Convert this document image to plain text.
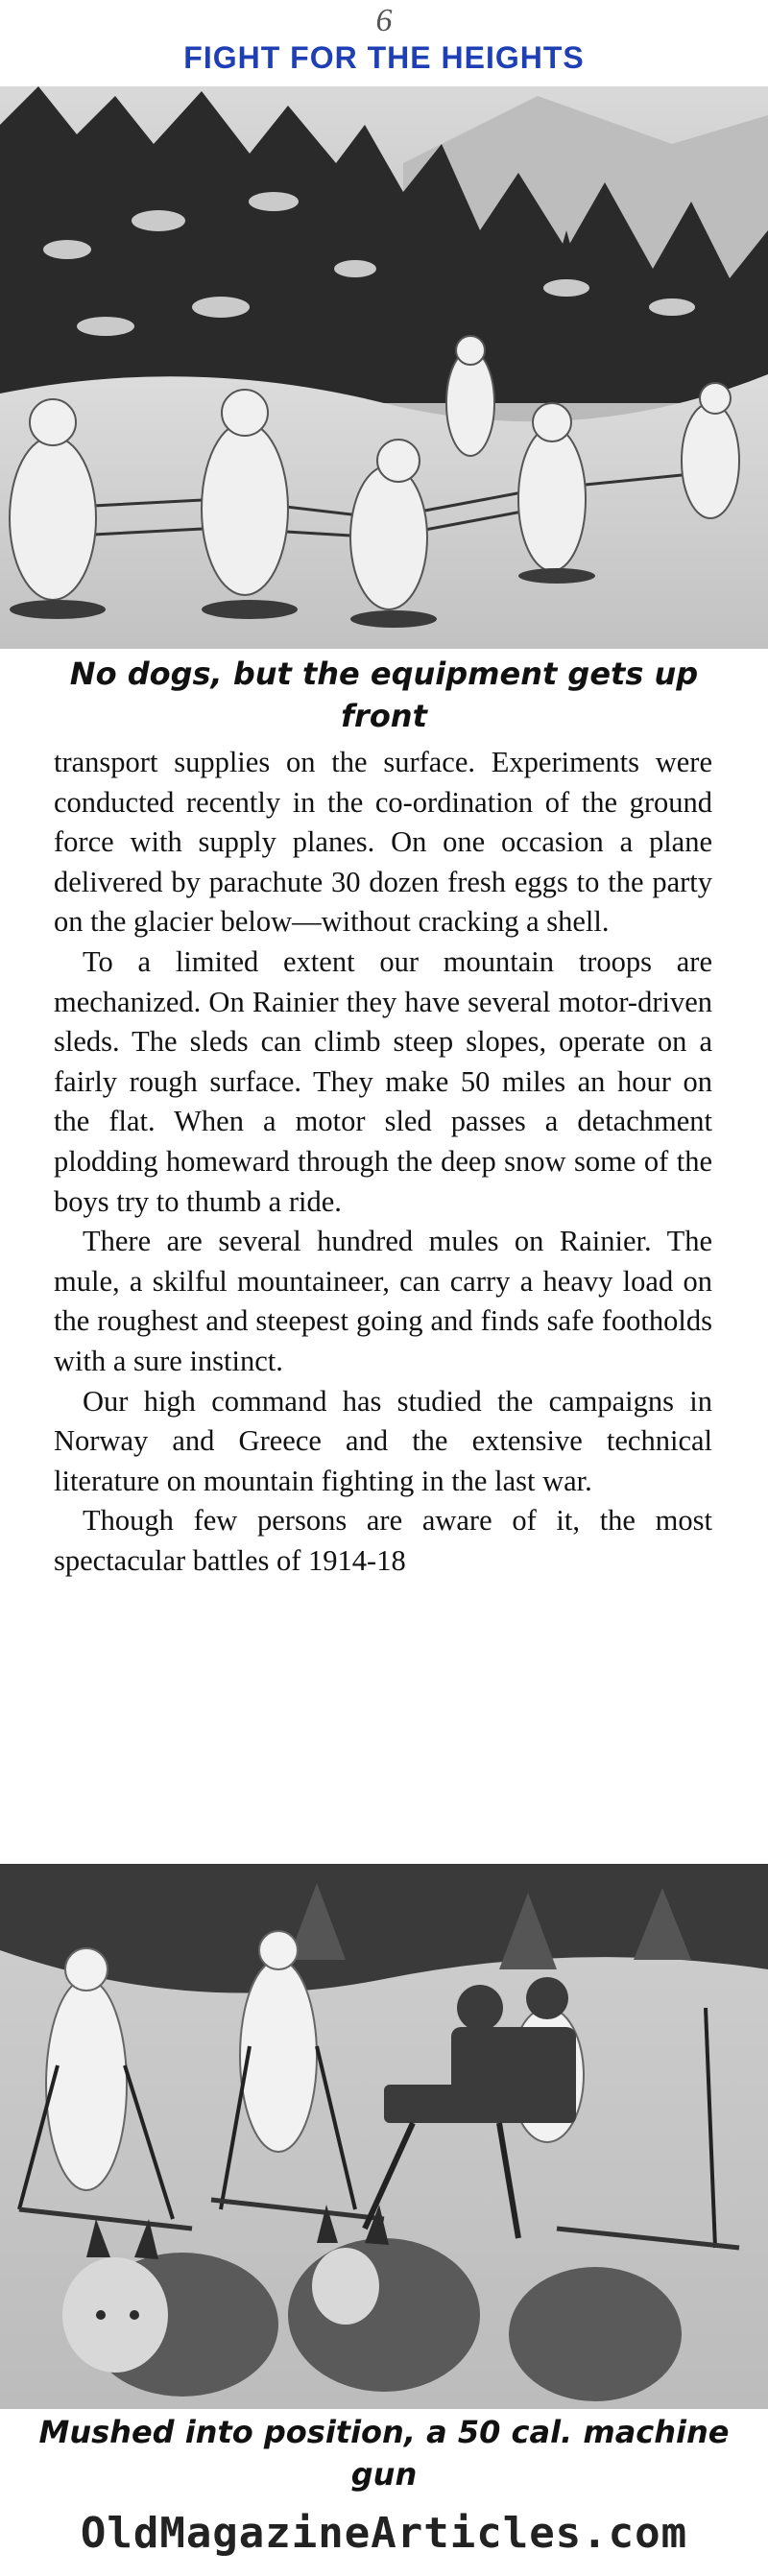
6
FIGHT FOR THE HEIGHTS
No dogs, but the equipment gets up front

transport supplies on the surface. Experiments were conducted recently in the co-ordination of the ground force with supply planes. On one occasion a plane delivered by parachute 30 dozen fresh eggs to the party on the glacier below—without cracking a shell.

To a limited extent our mountain troops are mechanized. On Rainier they have several motor-driven sleds. The sleds can climb steep slopes, operate on a fairly rough surface. They make 50 miles an hour on the flat. When a motor sled passes a detachment plodding homeward through the deep snow some of the boys try to thumb a ride.

There are several hundred mules on Rainier. The mule, a skilful mountaineer, can carry a heavy load on the roughest and steepest going and finds safe footholds with a sure instinct.

Our high command has studied the campaigns in Norway and Greece and the extensive technical literature on mountain fighting in the last war.

Though few persons are aware of it, the most spectacular battles of 1914-18

Mushed into position, a 50 cal. machine gun
OldMagazineArticles.com
